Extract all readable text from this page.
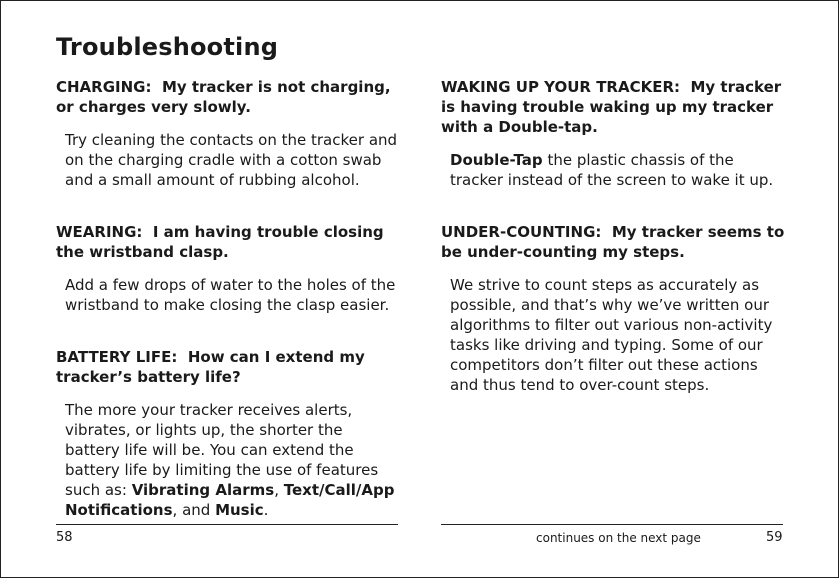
Troubleshooting

CHARGING: My tracker is not charging, or charges very slowly.

Try cleaning the contacts on the tracker and on the charging cradle with a cotton swab and a small amount of rubbing alcohol.

WEARING: I am having trouble closing the wristband clasp.

Add a few drops of water to the holes of the wristband to make closing the clasp easier.

BATTERY LIFE: How can I extend my tracker’s battery life?

The more your tracker receives alerts, vibrates, or lights up, the shorter the battery life will be. You can extend the battery life by limiting the use of features such as: Vibrating Alarms, Text/Call/App Notifications, and Music.

WAKING UP YOUR TRACKER: My tracker is having trouble waking up my tracker with a Double-tap.

Double-Tap the plastic chassis of the tracker instead of the screen to wake it up.

UNDER-COUNTING: My tracker seems to be under-counting my steps.

We strive to count steps as accurately as possible, and that’s why we’ve written our algorithms to filter out various non-activity tasks like driving and typing. Some of our competitors don’t filter out these actions and thus tend to over-count steps.

58	continues on the next page	59
